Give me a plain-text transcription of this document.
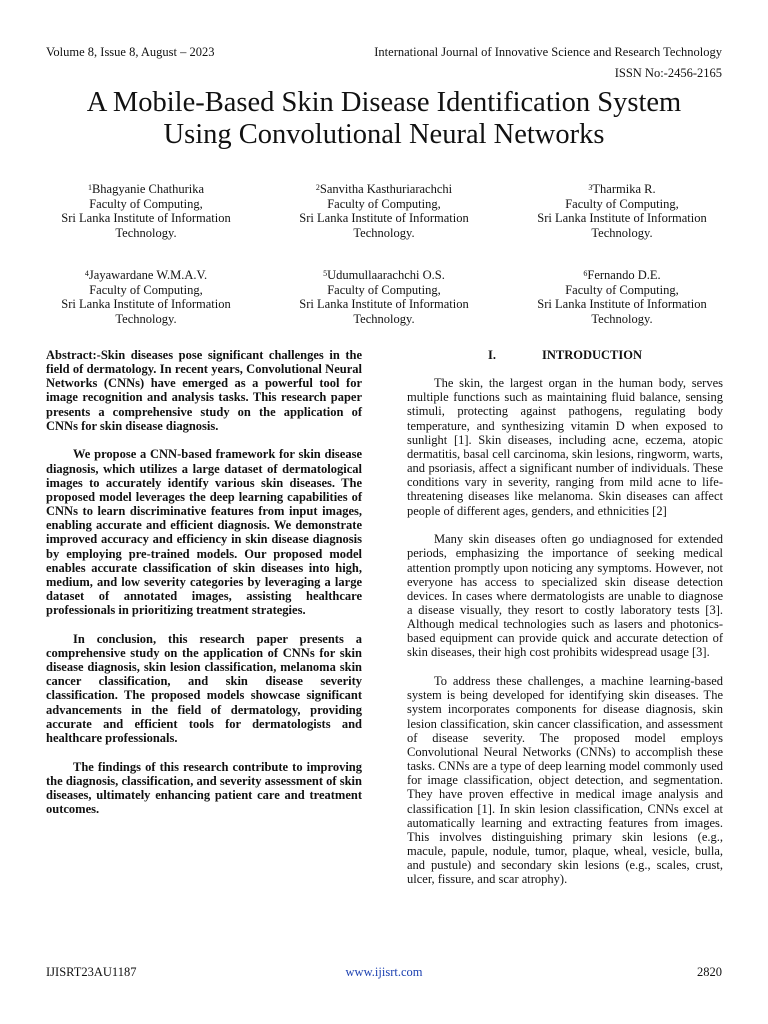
Volume 8, Issue 8, August – 2023	International Journal of Innovative Science and Research Technology
ISSN No:-2456-2165
A Mobile-Based Skin Disease Identification System
Using Convolutional Neural Networks
$^1$Bhagyanie Chathurika
Faculty of Computing,
Sri Lanka Institute of Information
Technology.
$^2$Sanvitha Kasthuriarachchi
Faculty of Computing,
Sri Lanka Institute of Information
Technology.
$^3$Tharmika R.
Faculty of Computing,
Sri Lanka Institute of Information
Technology.
$^4$Jayawardane W.M.A.V.
Faculty of Computing,
Sri Lanka Institute of Information
Technology.
$^5$Udumullaarachchi O.S.
Faculty of Computing,
Sri Lanka Institute of Information
Technology.
$^6$Fernando D.E.
Faculty of Computing,
Sri Lanka Institute of Information
Technology.

Abstract:-Skin diseases pose significant challenges in the field of dermatology. In recent years, Convolutional Neural Networks (CNNs) have emerged as a powerful tool for image recognition and analysis tasks. This research paper presents a comprehensive study on the application of CNNs for skin disease diagnosis.

We propose a CNN-based framework for skin disease diagnosis, which utilizes a large dataset of dermatological images to accurately identify various skin diseases. The proposed model leverages the deep learning capabilities of CNNs to learn discriminative features from input images, enabling accurate and efficient diagnosis. We demonstrate improved accuracy and efficiency in skin disease diagnosis by employing pre-trained models. Our proposed model enables accurate classification of skin diseases into high, medium, and low severity categories by leveraging a large dataset of annotated images, assisting healthcare professionals in prioritizing treatment strategies.

In conclusion, this research paper presents a comprehensive study on the application of CNNs for skin disease diagnosis, skin lesion classification, melanoma skin cancer classification, and skin disease severity classification. The proposed models showcase significant advancements in the field of dermatology, providing accurate and efficient tools for dermatologists and healthcare professionals.

The findings of this research contribute to improving the diagnosis, classification, and severity assessment of skin diseases, ultimately enhancing patient care and treatment outcomes.

I.	INTRODUCTION

The skin, the largest organ in the human body, serves multiple functions such as maintaining fluid balance, sensing stimuli, protecting against pathogens, regulating body temperature, and synthesizing vitamin D when exposed to sunlight [1]. Skin diseases, including acne, eczema, atopic dermatitis, basal cell carcinoma, skin lesions, ringworm, warts, and psoriasis, affect a significant number of individuals. These conditions vary in severity, ranging from mild acne to life-threatening diseases like melanoma. Skin diseases can affect people of different ages, genders, and ethnicities [2]

Many skin diseases often go undiagnosed for extended periods, emphasizing the importance of seeking medical attention promptly upon noticing any symptoms. However, not everyone has access to specialized skin disease detection devices. In cases where dermatologists are unable to diagnose a disease visually, they resort to costly laboratory tests [3]. Although medical technologies such as lasers and photonics-based equipment can provide quick and accurate detection of skin diseases, their high cost prohibits widespread usage [3].

To address these challenges, a machine learning-based system is being developed for identifying skin diseases. The system incorporates components for disease diagnosis, skin lesion classification, skin cancer classification, and assessment of disease severity. The proposed model employs Convolutional Neural Networks (CNNs) to accomplish these tasks. CNNs are a type of deep learning model commonly used for image classification, object detection, and segmentation. They have proven effective in medical image analysis and classification [1]. In skin lesion classification, CNNs excel at automatically learning and extracting features from images. This involves distinguishing primary skin lesions (e.g., macule, papule, nodule, tumor, plaque, wheal, vesicle, bulla, and pustule) and secondary skin lesions (e.g., scales, crust, ulcer, fissure, and scar atrophy).

IJISRT23AU1187	www.ijisrt.com	2820
